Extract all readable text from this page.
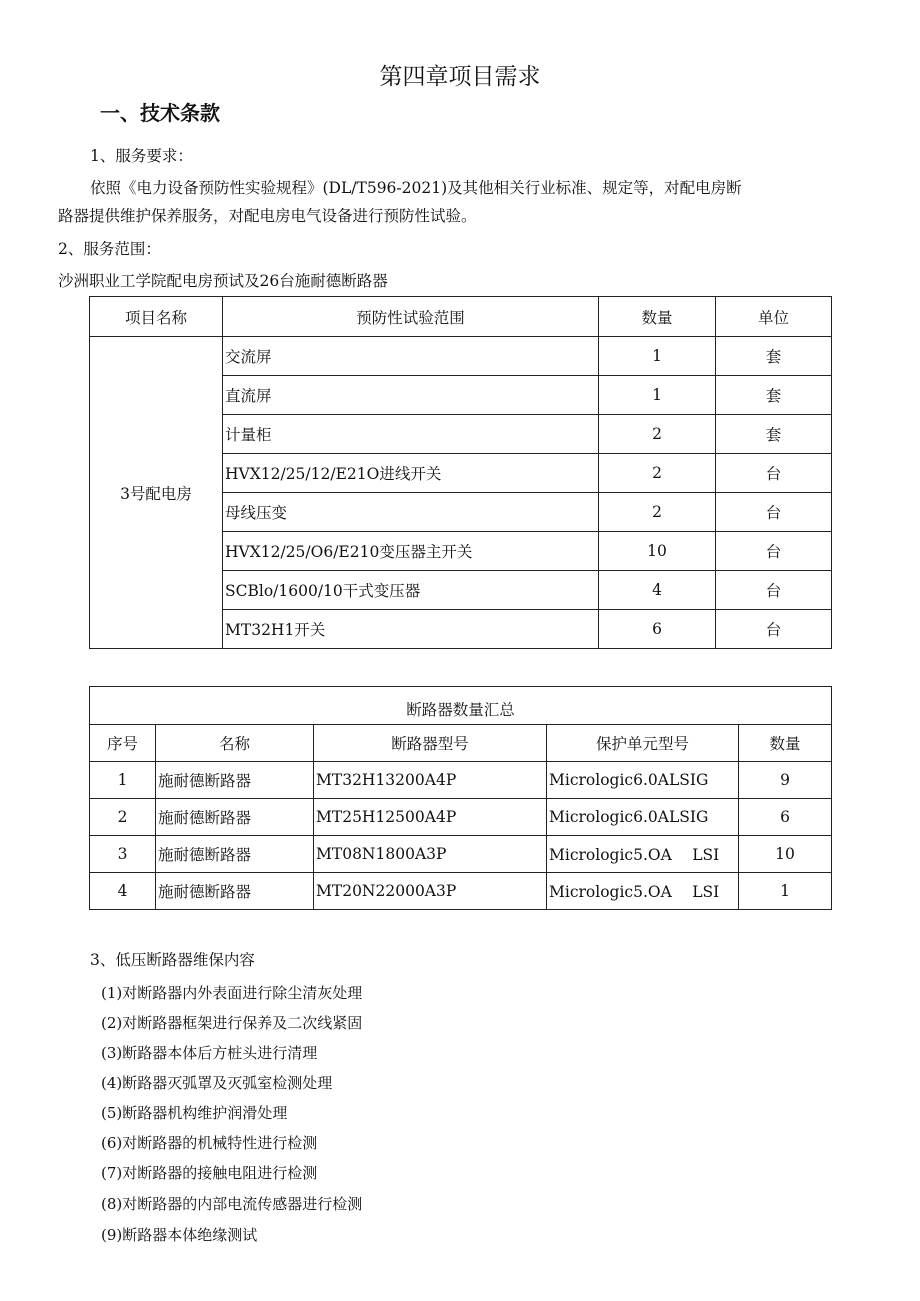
第四章项目需求
一、技术条款
1、服务要求：
依照《电力设备预防性实验规程》(DL/T596-2021)及其他相关行业标准、规定等，对配电房断
路器提供维护保养服务，对配电房电气设备进行预防性试验。
2、服务范围：
沙洲职业工学院配电房预试及26台施耐德断路器
项目名称	预防性试验范围	数量	单位
3号配电房	交流屏	1	套
	直流屏	1	套
	计量柜	2	套
	HVX12/25/12/E21O进线开关	2	台
	母线压变	2	台
	HVX12/25/O6/E210变压器主开关	10	台
	SCBlo/1600/10干式变压器	4	台
	MT32H1开关	6	台
断路器数量汇总				
序号	名称	断路器型号	保护单元型号	数量
1	施耐德断路器	MT32H13200A4P	Micrologic6.0ALSIG	9
2	施耐德断路器	MT25H12500A4P	Micrologic6.0ALSIG	6
3	施耐德断路器	MT08N1800A3P	Micrologic5.OA　 LSI	10
4	施耐德断路器	MT20N22000A3P	Micrologic5.OA　 LSI	1
3、低压断路器维保内容
(1)对断路器内外表面进行除尘清灰处理
(2)对断路器框架进行保养及二次线紧固
(3)断路器本体后方桩头进行清理
(4)断路器灭弧罩及灭弧室检测处理
(5)断路器机构维护润滑处理
(6)对断路器的机械特性进行检测
(7)对断路器的接触电阻进行检测
(8)对断路器的内部电流传感器进行检测
(9)断路器本体绝缘测试
